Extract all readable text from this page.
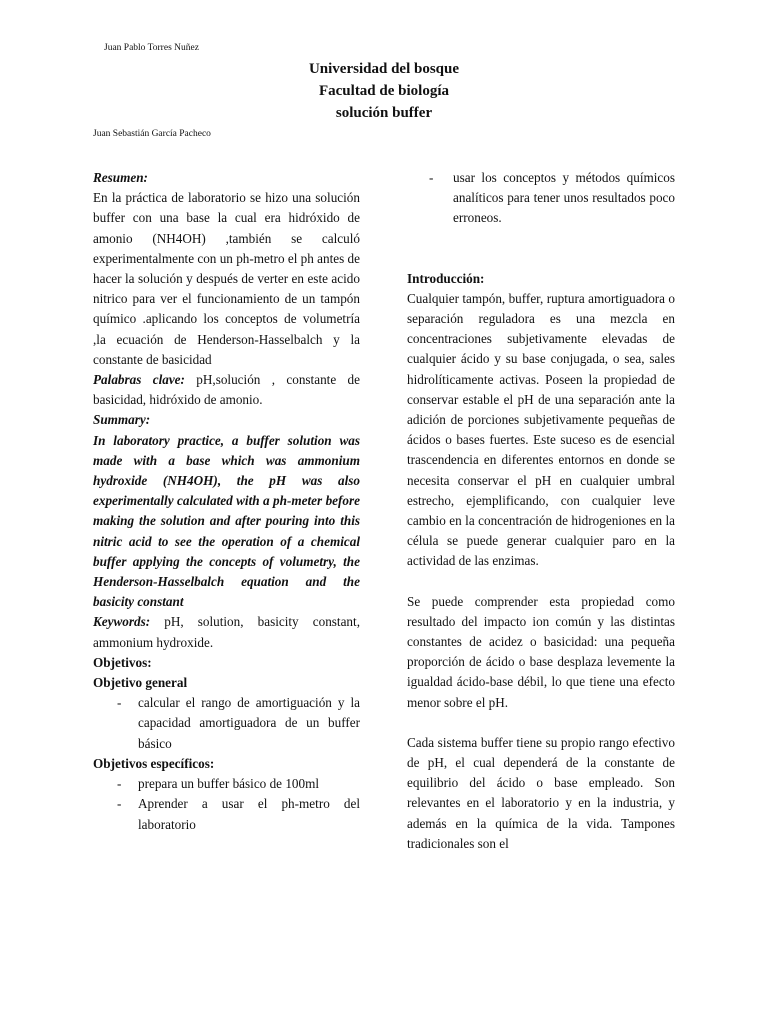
Juan Pablo Torres Nuñez
Universidad del bosque
Facultad de biología
solución buffer
Juan Sebastián García Pacheco

Resumen:

En la práctica de laboratorio se hizo una solución buffer con una base la cual era hidróxido de amonio (NH4OH) ,también se calculó experimentalmente con un ph-metro el ph antes de hacer la solución y después de verter en este acido nitrico para ver el funcionamiento de un tampón químico .aplicando los conceptos de volumetría ,la ecuación de Henderson-Hasselbalch y la constante de basicidad

Palabras clave: pH,solución , constante de basicidad, hidróxido de amonio.

Summary:

In laboratory practice, a buffer solution was made with a base which was ammonium hydroxide (NH4OH), the pH was also experimentally calculated with a ph-meter before making the solution and after pouring into this nitric acid to see the operation of a chemical buffer applying the concepts of volumetry, the Henderson-Hasselbalch equation and the basicity constant

Keywords: pH, solution, basicity constant, ammonium hydroxide.

Objetivos:

Objetivo general

- calcular el rango de amortiguación y la capacidad amortiguadora de un buffer básico

Objetivos específicos:

- prepara un buffer básico de 100ml
- Aprender a usar el ph-metro del laboratorio
- usar los conceptos y métodos químicos analíticos para tener unos resultados poco erroneos.

Introducción:

Cualquier tampón, buffer, ruptura amortiguadora o separación reguladora es una mezcla en concentraciones subjetivamente elevadas de cualquier ácido y su base conjugada, o sea, sales hidrolíticamente activas. Poseen la propiedad de conservar estable el pH de una separación ante la adición de porciones subjetivamente pequeñas de ácidos o bases fuertes. Este suceso es de esencial trascendencia en diferentes entornos en donde se necesita conservar el pH en cualquier umbral estrecho, ejemplificando, con cualquier leve cambio en la concentración de hidrogeniones en la célula se puede generar cualquier paro en la actividad de las enzimas.

Se puede comprender esta propiedad como resultado del impacto ion común y las distintas constantes de acidez o basicidad: una pequeña proporción de ácido o base desplaza levemente la igualdad ácido-base débil, lo que tiene una efecto menor sobre el pH.

Cada sistema buffer tiene su propio rango efectivo de pH, el cual dependerá de la constante de equilibrio del ácido o base empleado. Son relevantes en el laboratorio y en la industria, y además en la química de la vida. Tampones tradicionales son el
